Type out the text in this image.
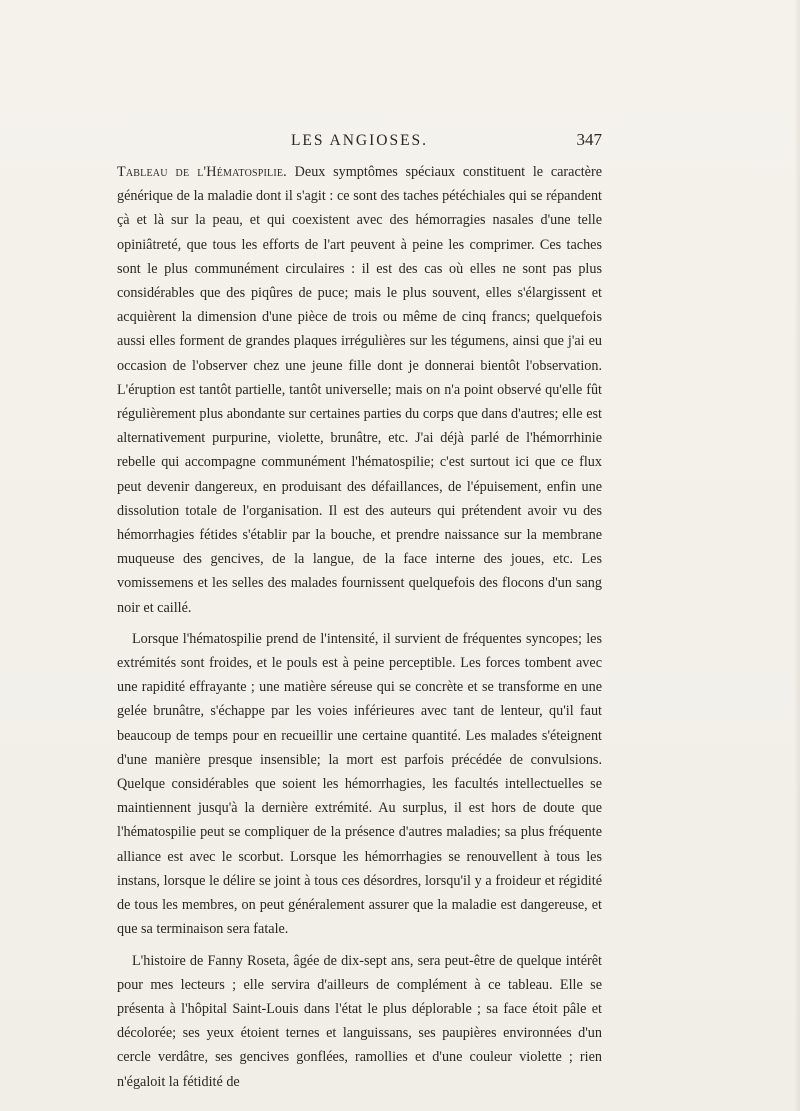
LES ANGIOSES.	347

Tableau de l'Hématospilie. Deux symptômes spéciaux constituent le caractère générique de la maladie dont il s'agit : ce sont des taches pétéchiales qui se répandent çà et là sur la peau, et qui coexistent avec des hémorragies nasales d'une telle opiniâtreté, que tous les efforts de l'art peuvent à peine les comprimer. Ces taches sont le plus communément circulaires : il est des cas où elles ne sont pas plus considérables que des piqûres de puce; mais le plus souvent, elles s'élargissent et acquièrent la dimension d'une pièce de trois ou même de cinq francs; quelquefois aussi elles forment de grandes plaques irrégulières sur les tégumens, ainsi que j'ai eu occasion de l'observer chez une jeune fille dont je donnerai bientôt l'observation. L'éruption est tantôt partielle, tantôt universelle; mais on n'a point observé qu'elle fût régulièrement plus abondante sur certaines parties du corps que dans d'autres; elle est alternativement purpurine, violette, brunâtre, etc. J'ai déjà parlé de l'hémorrhinie rebelle qui accompagne communément l'hématospilie; c'est surtout ici que ce flux peut devenir dangereux, en produisant des défaillances, de l'épuisement, enfin une dissolution totale de l'organisation. Il est des auteurs qui prétendent avoir vu des hémorrhagies fétides s'établir par la bouche, et prendre naissance sur la membrane muqueuse des gencives, de la langue, de la face interne des joues, etc. Les vomissemens et les selles des malades fournissent quelquefois des flocons d'un sang noir et caillé.

Lorsque l'hématospilie prend de l'intensité, il survient de fréquentes syncopes; les extrémités sont froides, et le pouls est à peine perceptible. Les forces tombent avec une rapidité effrayante ; une matière séreuse qui se concrète et se transforme en une gelée brunâtre, s'échappe par les voies inférieures avec tant de lenteur, qu'il faut beaucoup de temps pour en recueillir une certaine quantité. Les malades s'éteignent d'une manière presque insensible; la mort est parfois précédée de convulsions. Quelque considérables que soient les hémorrhagies, les facultés intellectuelles se maintiennent jusqu'à la dernière extrémité. Au surplus, il est hors de doute que l'hématospilie peut se compliquer de la présence d'autres maladies; sa plus fréquente alliance est avec le scorbut. Lorsque les hémorrhagies se renouvellent à tous les instans, lorsque le délire se joint à tous ces désordres, lorsqu'il y a froideur et régidité de tous les membres, on peut généralement assurer que la maladie est dangereuse, et que sa terminaison sera fatale.

L'histoire de Fanny Roseta, âgée de dix-sept ans, sera peut-être de quelque intérêt pour mes lecteurs ; elle servira d'ailleurs de complément à ce tableau. Elle se présenta à l'hôpital Saint-Louis dans l'état le plus déplorable ; sa face étoit pâle et décolorée; ses yeux étoient ternes et languissans, ses paupières environnées d'un cercle verdâtre, ses gencives gonflées, ramollies et d'une couleur violette ; rien n'égaloit la fétidité de
